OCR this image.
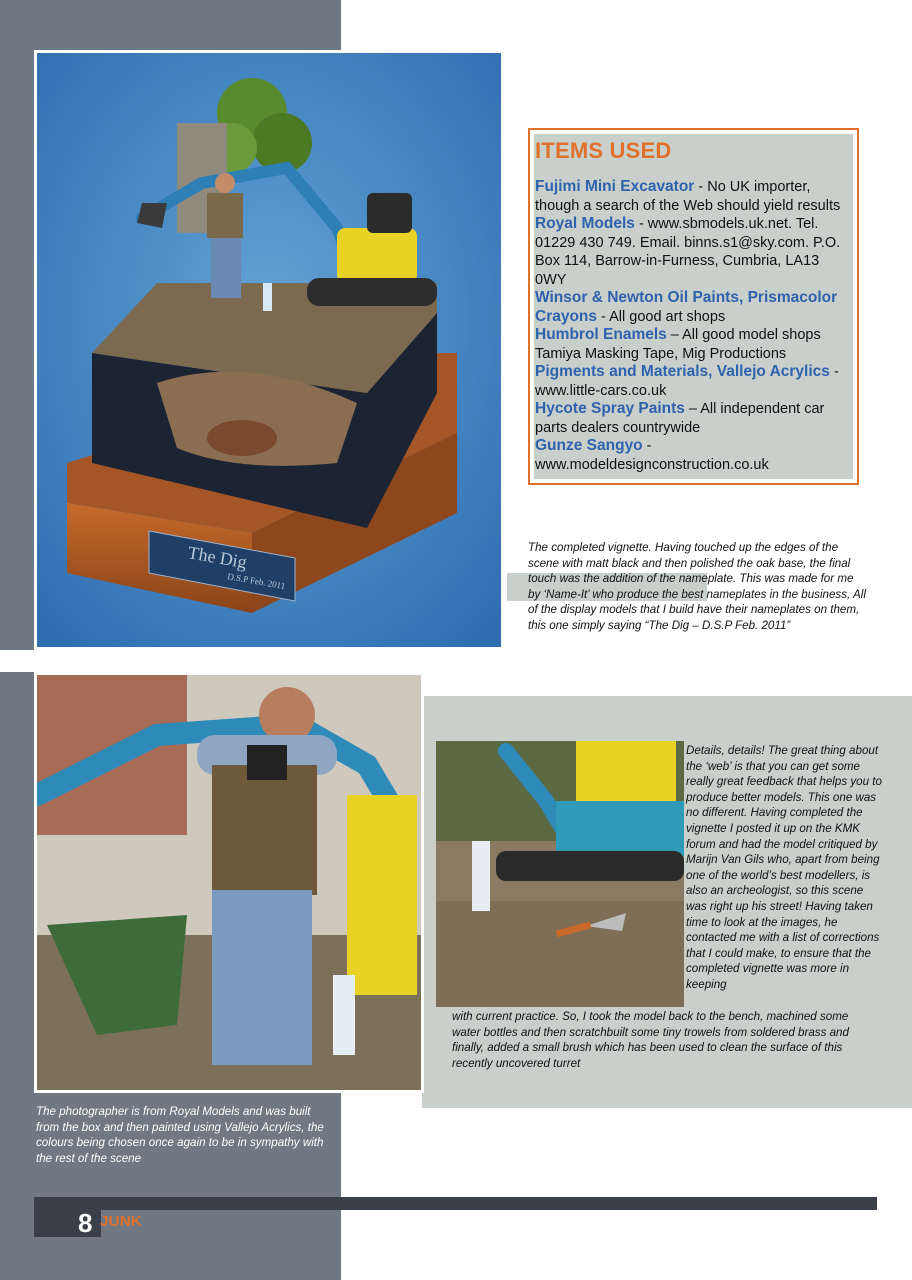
The Dig
D.S.P Feb. 2011
ITEMS USED

Fujimi Mini Excavator - No UK importer, though a search of the Web should yield results

Royal Models - www.sbmodels.uk.net. Tel. 01229 430 749. Email. binns.s1@sky.com. P.O. Box 114, Barrow-in-Furness, Cumbria, LA13 0WY

Winsor & Newton Oil Paints, Prismacolor Crayons - All good art shops

Humbrol Enamels – All good model shops

Tamiya Masking Tape, Mig Productions

Pigments and Materials, Vallejo Acrylics - www.little-cars.co.uk

Hycote Spray Paints – All independent car parts dealers countrywide

Gunze Sangyo - www.modeldesignconstruction.co.uk

The completed vignette. Having touched up the edges of the scene with matt black and then polished the oak base, the final touch was the addition of the nameplate. This was made for me by ‘Name-It’ who produce the best nameplates in the business, All of the display models that I build have their nameplates on them, this one simply saying “The Dig – D.S.P Feb. 2011”

Details, details! The great thing about the ‘web’ is that you can get some really great feedback that helps you to produce better models. This one was no different. Having completed the vignette I posted it up on the KMK forum and had the model critiqued by Marijn Van Gils who, apart from being one of the world’s best modellers, is also an archeologist, so this scene was right up his street! Having taken time to look at the images, he contacted me with a list of corrections that I could make, to ensure that the completed vignette was more in keeping

with current practice. So, I took the model back to the bench, machined some water bottles and then scratchbuilt some tiny trowels from soldered brass and finally, added a small brush which has been used to clean the surface of this recently uncovered turret

The photographer is from Royal Models and was built from the box and then painted using Vallejo Acrylics, the colours being chosen once again to be in sympathy with the rest of the scene

8 JUNK
